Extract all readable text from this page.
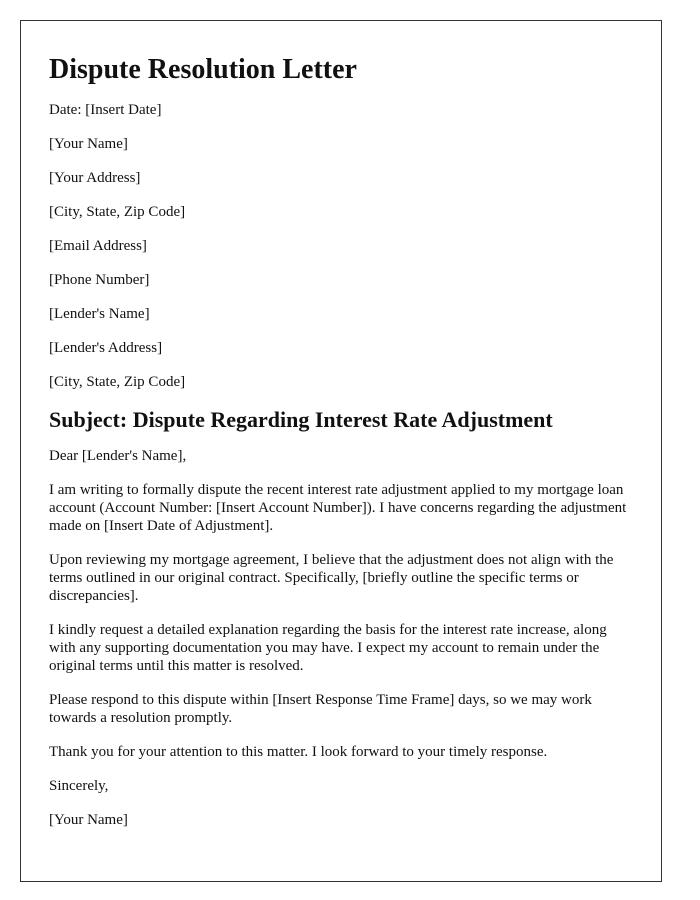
Dispute Resolution Letter

Date: [Insert Date]

[Your Name]

[Your Address]

[City, State, Zip Code]

[Email Address]

[Phone Number]

[Lender's Name]

[Lender's Address]

[City, State, Zip Code]

Subject: Dispute Regarding Interest Rate Adjustment

Dear [Lender's Name],

I am writing to formally dispute the recent interest rate adjustment applied to my mortgage loan account (Account Number: [Insert Account Number]). I have concerns regarding the adjustment made on [Insert Date of Adjustment].

Upon reviewing my mortgage agreement, I believe that the adjustment does not align with the terms outlined in our original contract. Specifically, [briefly outline the specific terms or discrepancies].

I kindly request a detailed explanation regarding the basis for the interest rate increase, along with any supporting documentation you may have. I expect my account to remain under the original terms until this matter is resolved.

Please respond to this dispute within [Insert Response Time Frame] days, so we may work towards a resolution promptly.

Thank you for your attention to this matter. I look forward to your timely response.

Sincerely,

[Your Name]
